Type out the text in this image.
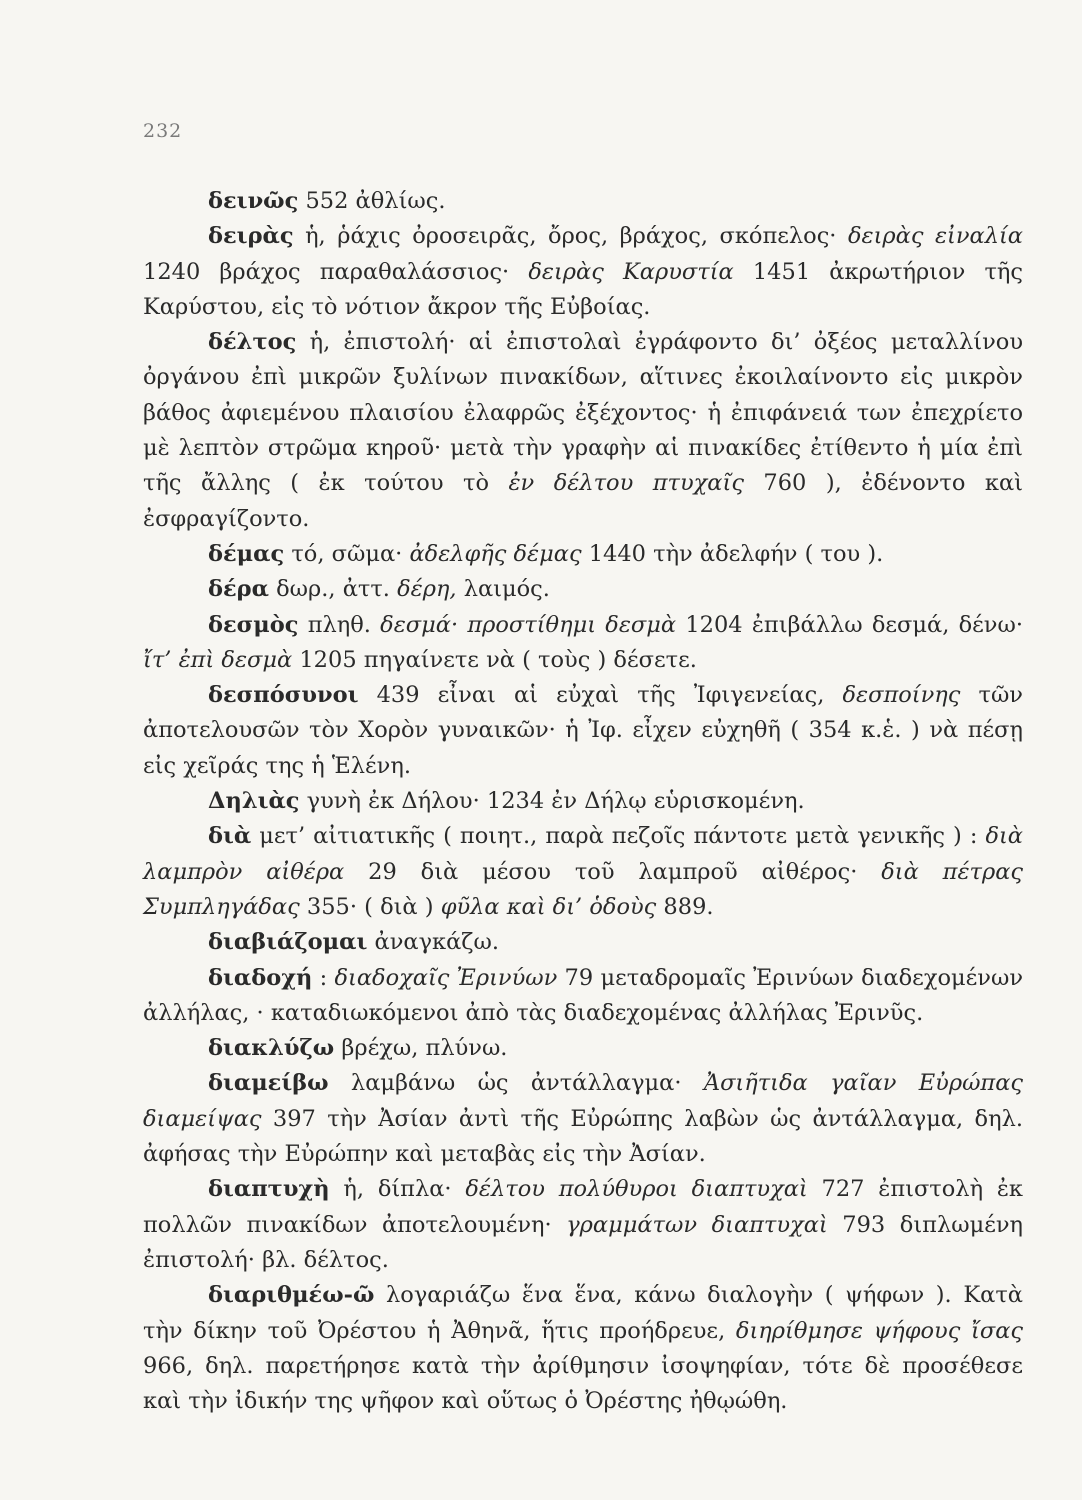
232

δεινῶς 552 ἀθλίως.

δειρὰς ἡ, ῥάχις ὀροσειρᾶς, ὄρος, βράχος, σκόπελος· δειρὰς εἰναλία 1240 βράχος παραθαλάσσιος· δειρὰς Καρυστία 1451 ἀκρωτήριον τῆς Καρύστου, εἰς τὸ νότιον ἄκρον τῆς Εὐβοίας.

δέλτος ἡ, ἐπιστολή· αἱ ἐπιστολαὶ ἐγράφοντο δι’ ὀξέος μεταλλίνου ὀργάνου ἐπὶ μικρῶν ξυλίνων πινακίδων, αἵτινες ἐκοιλαίνοντο εἰς μικρὸν βάθος ἀφιεμένου πλαισίου ἐλαφρῶς ἐξέχοντος· ἡ ἐπιφάνειά των ἐπεχρίετο μὲ λεπτὸν στρῶμα κηροῦ· μετὰ τὴν γραφὴν αἱ πινακίδες ἐτίθεντο ἡ μία ἐπὶ τῆς ἄλλης ( ἐκ τούτου τὸ ἐν δέλτου πτυχαῖς 760 ), ἐδένοντο καὶ ἐσφραγίζοντο.

δέμας τό, σῶμα· ἀδελφῆς δέμας 1440 τὴν ἀδελφήν ( του ).

δέρα δωρ., ἀττ. δέρη, λαιμός.

δεσμὸς πληθ. δεσμά· προστίθημι δεσμὰ 1204 ἐπιβάλλω δεσμά, δένω· ἴτ’ ἐπὶ δεσμὰ 1205 πηγαίνετε νὰ ( τοὺς ) δέσετε.

δεσπόσυνοι 439 εἶναι αἱ εὐχαὶ τῆς Ἰφιγενείας, δεσποίνης τῶν ἀποτελουσῶν τὸν Χορὸν γυναικῶν· ἡ Ἰφ. εἶχεν εὐχηθῆ ( 354 κ.ἑ. ) νὰ πέσῃ εἰς χεῖράς της ἡ Ἑλένη.

Δηλιὰς γυνὴ ἐκ Δήλου· 1234 ἐν Δήλῳ εὑρισκομένη.

διὰ μετ’ αἰτιατικῆς ( ποιητ., παρὰ πεζοῖς πάντοτε μετὰ γενικῆς ) : διὰ λαμπρὸν αἰθέρα 29 διὰ μέσου τοῦ λαμπροῦ αἰθέρος· διὰ πέτρας Συμπληγάδας 355· ( διὰ ) φῦλα καὶ δι’ ὁδοὺς 889.

διαβιάζομαι ἀναγκάζω.

διαδοχή : διαδοχαῖς Ἐρινύων 79 μεταδρομαῖς Ἐρινύων διαδεχομένων ἀλλήλας, · καταδιωκόμενοι ἀπὸ τὰς διαδεχομένας ἀλλήλας Ἐρινῦς.

διακλύζω βρέχω, πλύνω.

διαμείβω λαμβάνω ὡς ἀντάλλαγμα· Ἀσιῆτιδα γαῖαν Εὐρώπας διαμείψας 397 τὴν Ἀσίαν ἀντὶ τῆς Εὐρώπης λαβὼν ὡς ἀντάλλαγμα, δηλ. ἀφήσας τὴν Εὐρώπην καὶ μεταβὰς εἰς τὴν Ἀσίαν.

διαπτυχὴ ἡ, δίπλα· δέλτου πολύθυροι διαπτυχαὶ 727 ἐπιστολὴ ἐκ πολλῶν πινακίδων ἀποτελουμένη· γραμμάτων διαπτυχαὶ 793 διπλωμένη ἐπιστολή· βλ. δέλτος.

διαριθμέω-ῶ λογαριάζω ἕνα ἕνα, κάνω διαλογὴν ( ψήφων ). Κατὰ τὴν δίκην τοῦ Ὀρέστου ἡ Ἀθηνᾶ, ἥτις προήδρευε, διηρίθμησε ψήφους ἴσας 966, δηλ. παρετήρησε κατὰ τὴν ἀρίθμησιν ἰσοψηφίαν, τότε δὲ προσέθεσε καὶ τὴν ἰδικήν της ψῆφον καὶ οὕτως ὁ Ὀρέστης ἠθῳώθη.
